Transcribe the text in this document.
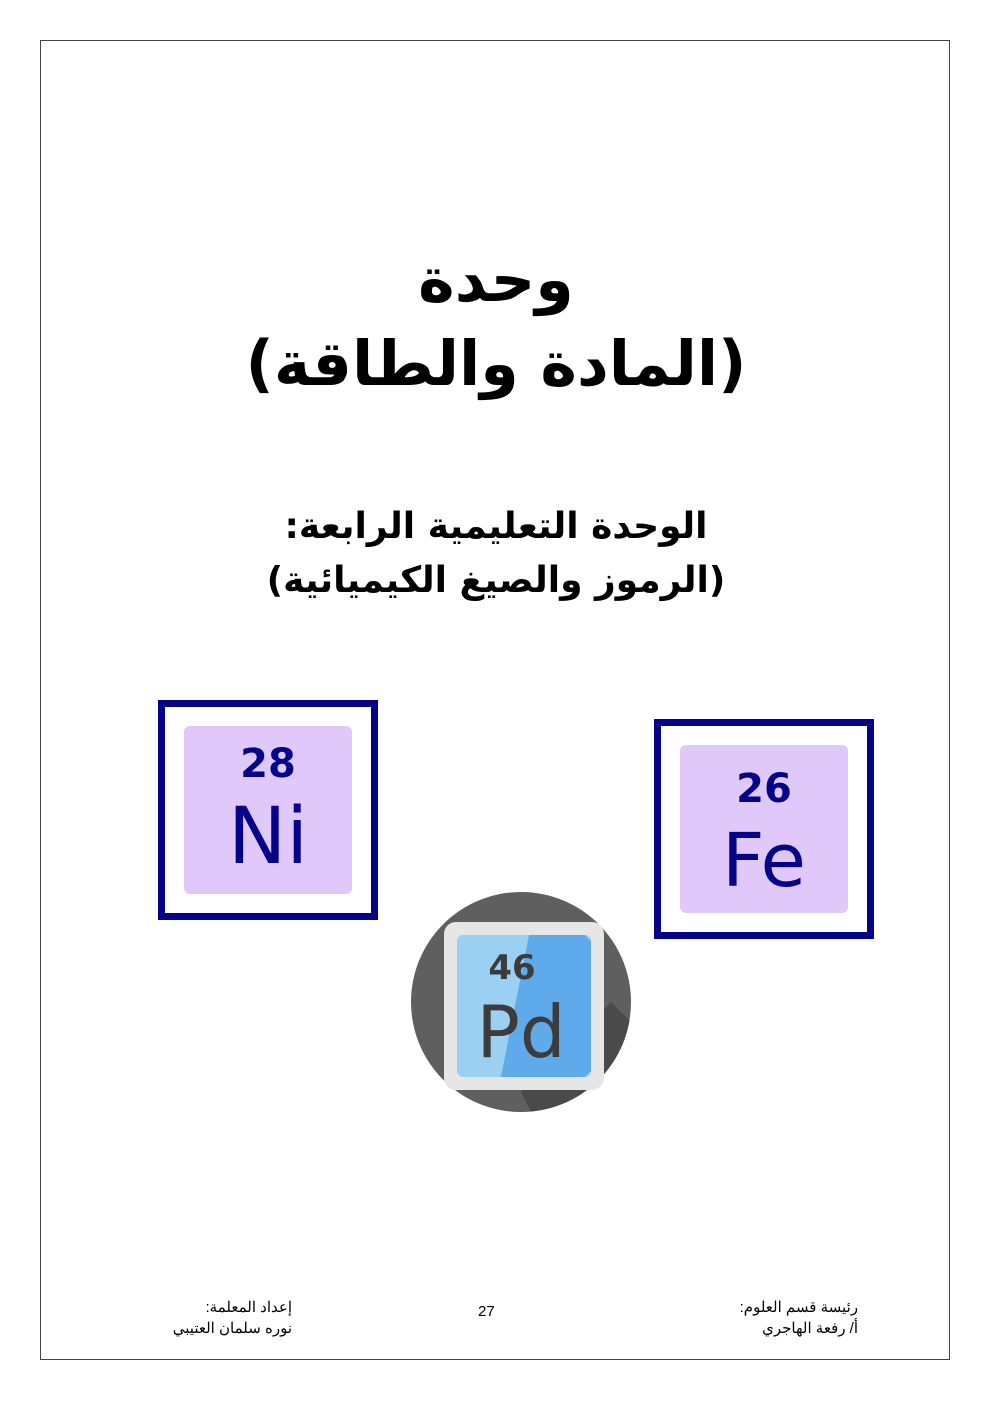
وحدة
(المادة والطاقة)
الوحدة التعليمية الرابعة:
(الرموز والصيغ الكيميائية)
28
Ni
26
Fe
46
Pd
رئيسة قسم العلوم:
أ/ رفعة الهاجري
27
إعداد المعلمة:
نوره سلمان العتيبي
